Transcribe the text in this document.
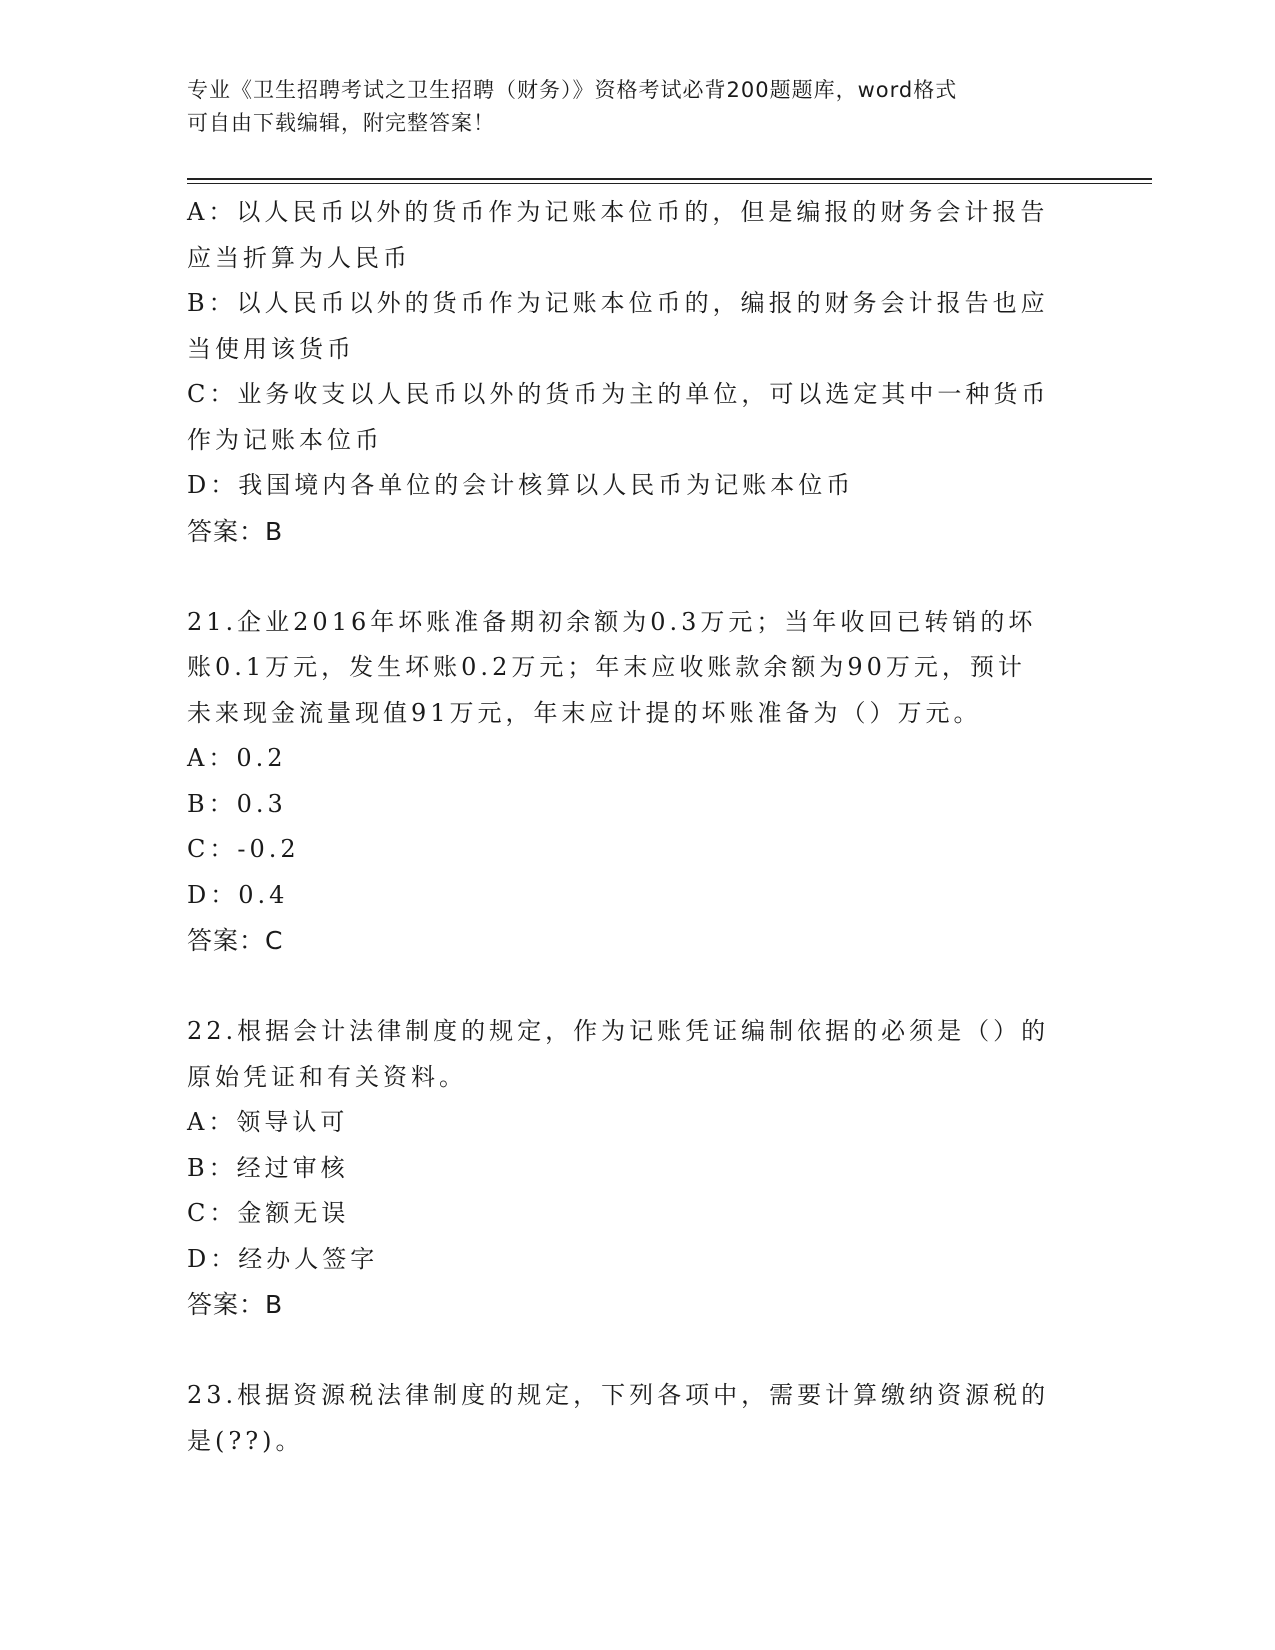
专业《卫生招聘考试之卫生招聘（财务）》资格考试必背200题题库，word格式
可自由下载编辑，附完整答案！
A：以人民币以外的货币作为记账本位币的，但是编报的财务会计报告
应当折算为人民币
B：以人民币以外的货币作为记账本位币的，编报的财务会计报告也应
当使用该货币
C：业务收支以人民币以外的货币为主的单位，可以选定其中一种货币
作为记账本位币
D：我国境内各单位的会计核算以人民币为记账本位币
答案：B
21.企业2016年坏账准备期初余额为0.3万元；当年收回已转销的坏
账0.1万元，发生坏账0.2万元；年末应收账款余额为90万元，预计
未来现金流量现值91万元，年末应计提的坏账准备为（）万元。
A：0.2
B：0.3
C：-0.2
D：0.4
答案：C
22.根据会计法律制度的规定，作为记账凭证编制依据的必须是（）的
原始凭证和有关资料。
A：领导认可
B：经过审核
C：金额无误
D：经办人签字
答案：B
23.根据资源税法律制度的规定，下列各项中，需要计算缴纳资源税的
是(??)。
